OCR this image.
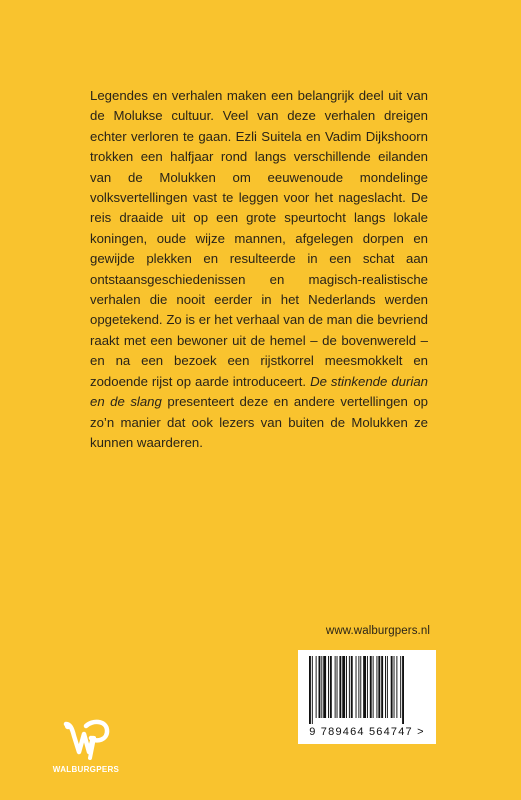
Legendes en verhalen maken een belangrijk deel uit van de Molukse cultuur. Veel van deze verhalen dreigen echter verloren te gaan. Ezli Suitela en Vadim Dijkshoorn trokken een halfjaar rond langs verschillende eilanden van de Molukken om eeuwenoude mondelinge volksvertellingen vast te leggen voor het nageslacht. De reis draaide uit op een grote speurtocht langs lokale koningen, oude wijze mannen, afgelegen dorpen en gewijde plekken en resulteerde in een schat aan ontstaansgeschiedenissen en magisch-realistische verhalen die nooit eerder in het Nederlands werden opgetekend. Zo is er het verhaal van de man die bevriend raakt met een bewoner uit de hemel – de bovenwereld – en na een bezoek een rijstkorrel meesmokkelt en zodoende rijst op aarde introduceert. De stinkende durian en de slang presenteert deze en andere vertellingen op zo’n manier dat ook lezers van buiten de Molukken ze kunnen waarderen.

www.walburgpers.nl
9 789464 564747 >
WALBURGPERS
